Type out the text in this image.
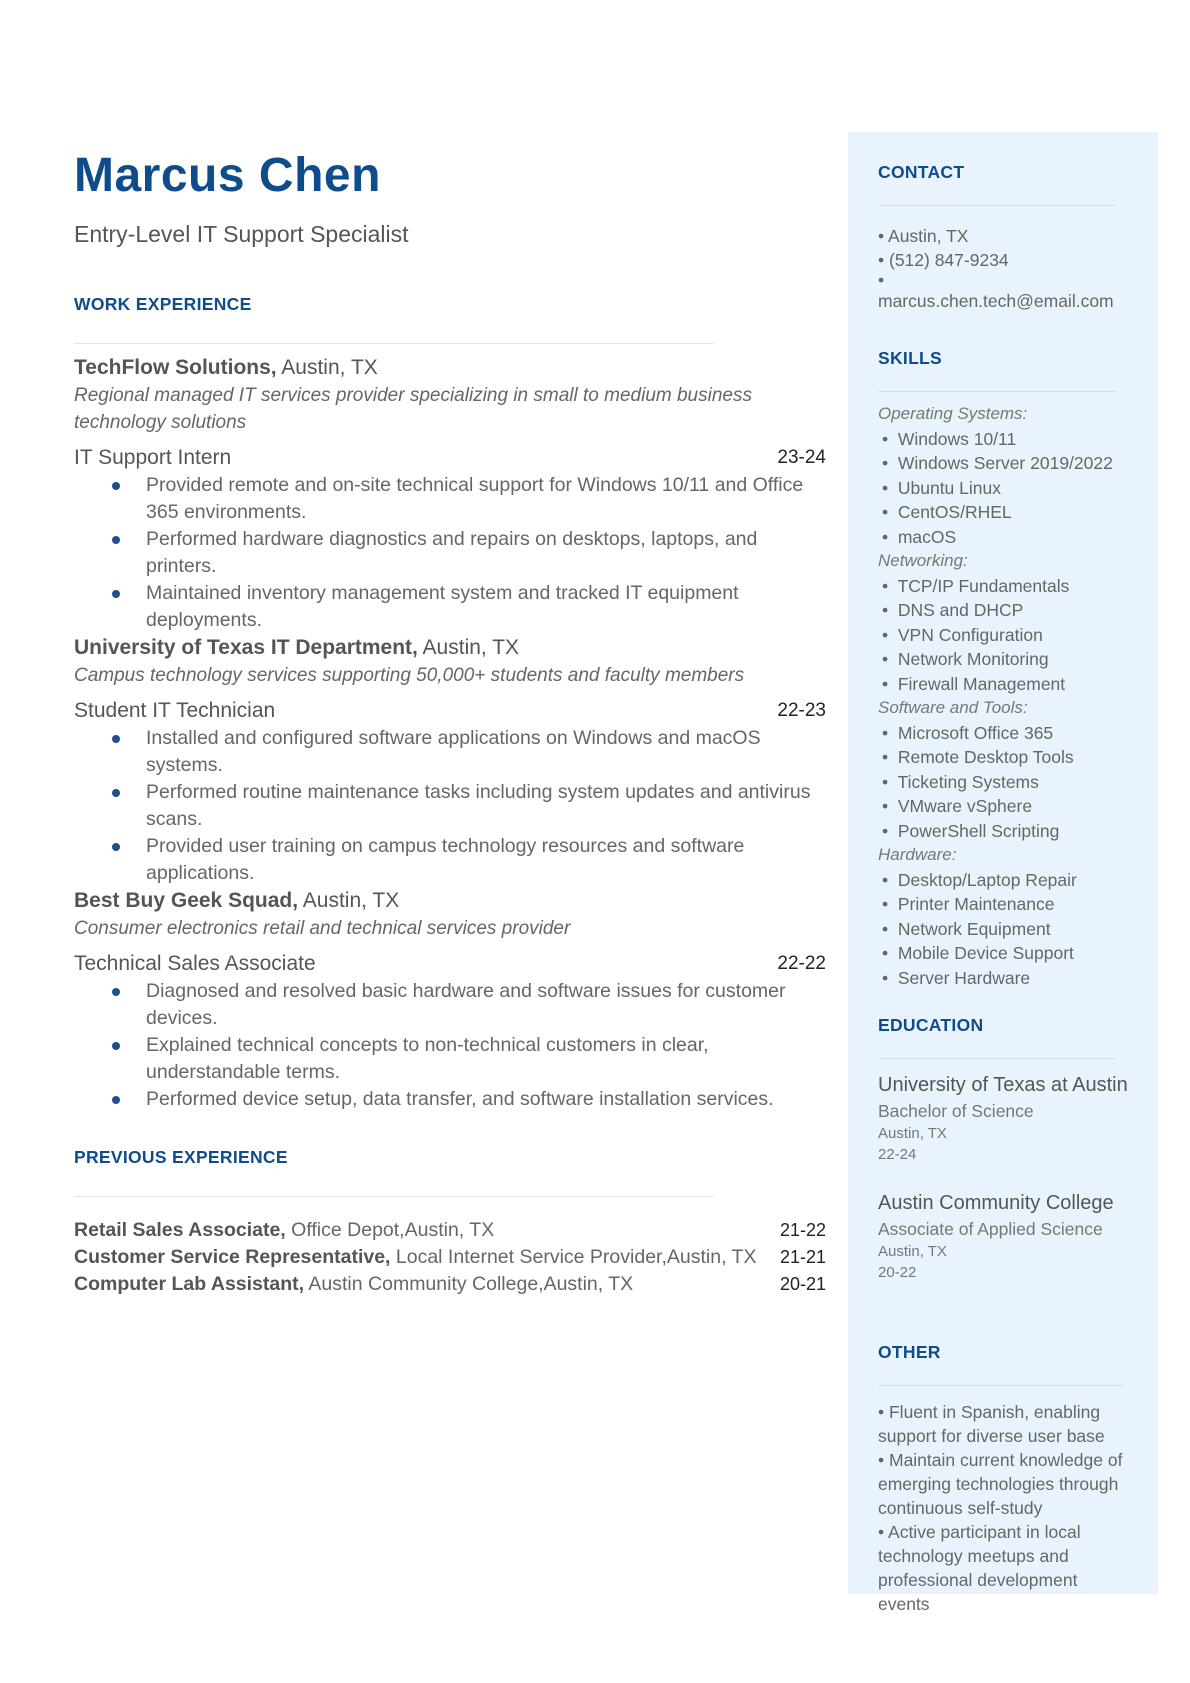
Marcus Chen
Entry-Level IT Support Specialist
WORK EXPERIENCE
TechFlow Solutions, Austin, TX
Regional managed IT services provider specializing in small to medium business technology solutions
IT Support Intern	23-24
Provided remote and on-site technical support for Windows 10/11 and Office 365 environments.
Performed hardware diagnostics and repairs on desktops, laptops, and printers.
Maintained inventory management system and tracked IT equipment deployments.
University of Texas IT Department, Austin, TX
Campus technology services supporting 50,000+ students and faculty members
Student IT Technician	22-23
Installed and configured software applications on Windows and macOS systems.
Performed routine maintenance tasks including system updates and antivirus scans.
Provided user training on campus technology resources and software applications.
Best Buy Geek Squad, Austin, TX
Consumer electronics retail and technical services provider
Technical Sales Associate	22-22
Diagnosed and resolved basic hardware and software issues for customer devices.
Explained technical concepts to non-technical customers in clear, understandable terms.
Performed device setup, data transfer, and software installation services.
PREVIOUS EXPERIENCE
Retail Sales Associate, Office Depot,Austin, TX	21-22
Customer Service Representative, Local Internet Service Provider,Austin, TX 21-21
Computer Lab Assistant, Austin Community College,Austin, TX	20-21
CONTACT
• Austin, TX
• (512) 847-9234
•
marcus.chen.tech@email.com
SKILLS
Operating Systems:
•  Windows 10/11
•  Windows Server 2019/2022
•  Ubuntu Linux
•  CentOS/RHEL
•  macOS
Networking:
•  TCP/IP Fundamentals
•  DNS and DHCP
•  VPN Configuration
•  Network Monitoring
•  Firewall Management
Software and Tools:
•  Microsoft Office 365
•  Remote Desktop Tools
•  Ticketing Systems
•  VMware vSphere
•  PowerShell Scripting
Hardware:
•  Desktop/Laptop Repair
•  Printer Maintenance
•  Network Equipment
•  Mobile Device Support
•  Server Hardware
EDUCATION
University of Texas at Austin
Bachelor of Science
Austin, TX
22-24
Austin Community College
Associate of Applied Science
Austin, TX
20-22
OTHER
• Fluent in Spanish, enabling support for diverse user base
• Maintain current knowledge of emerging technologies through continuous self-study
• Active participant in local technology meetups and professional development events
